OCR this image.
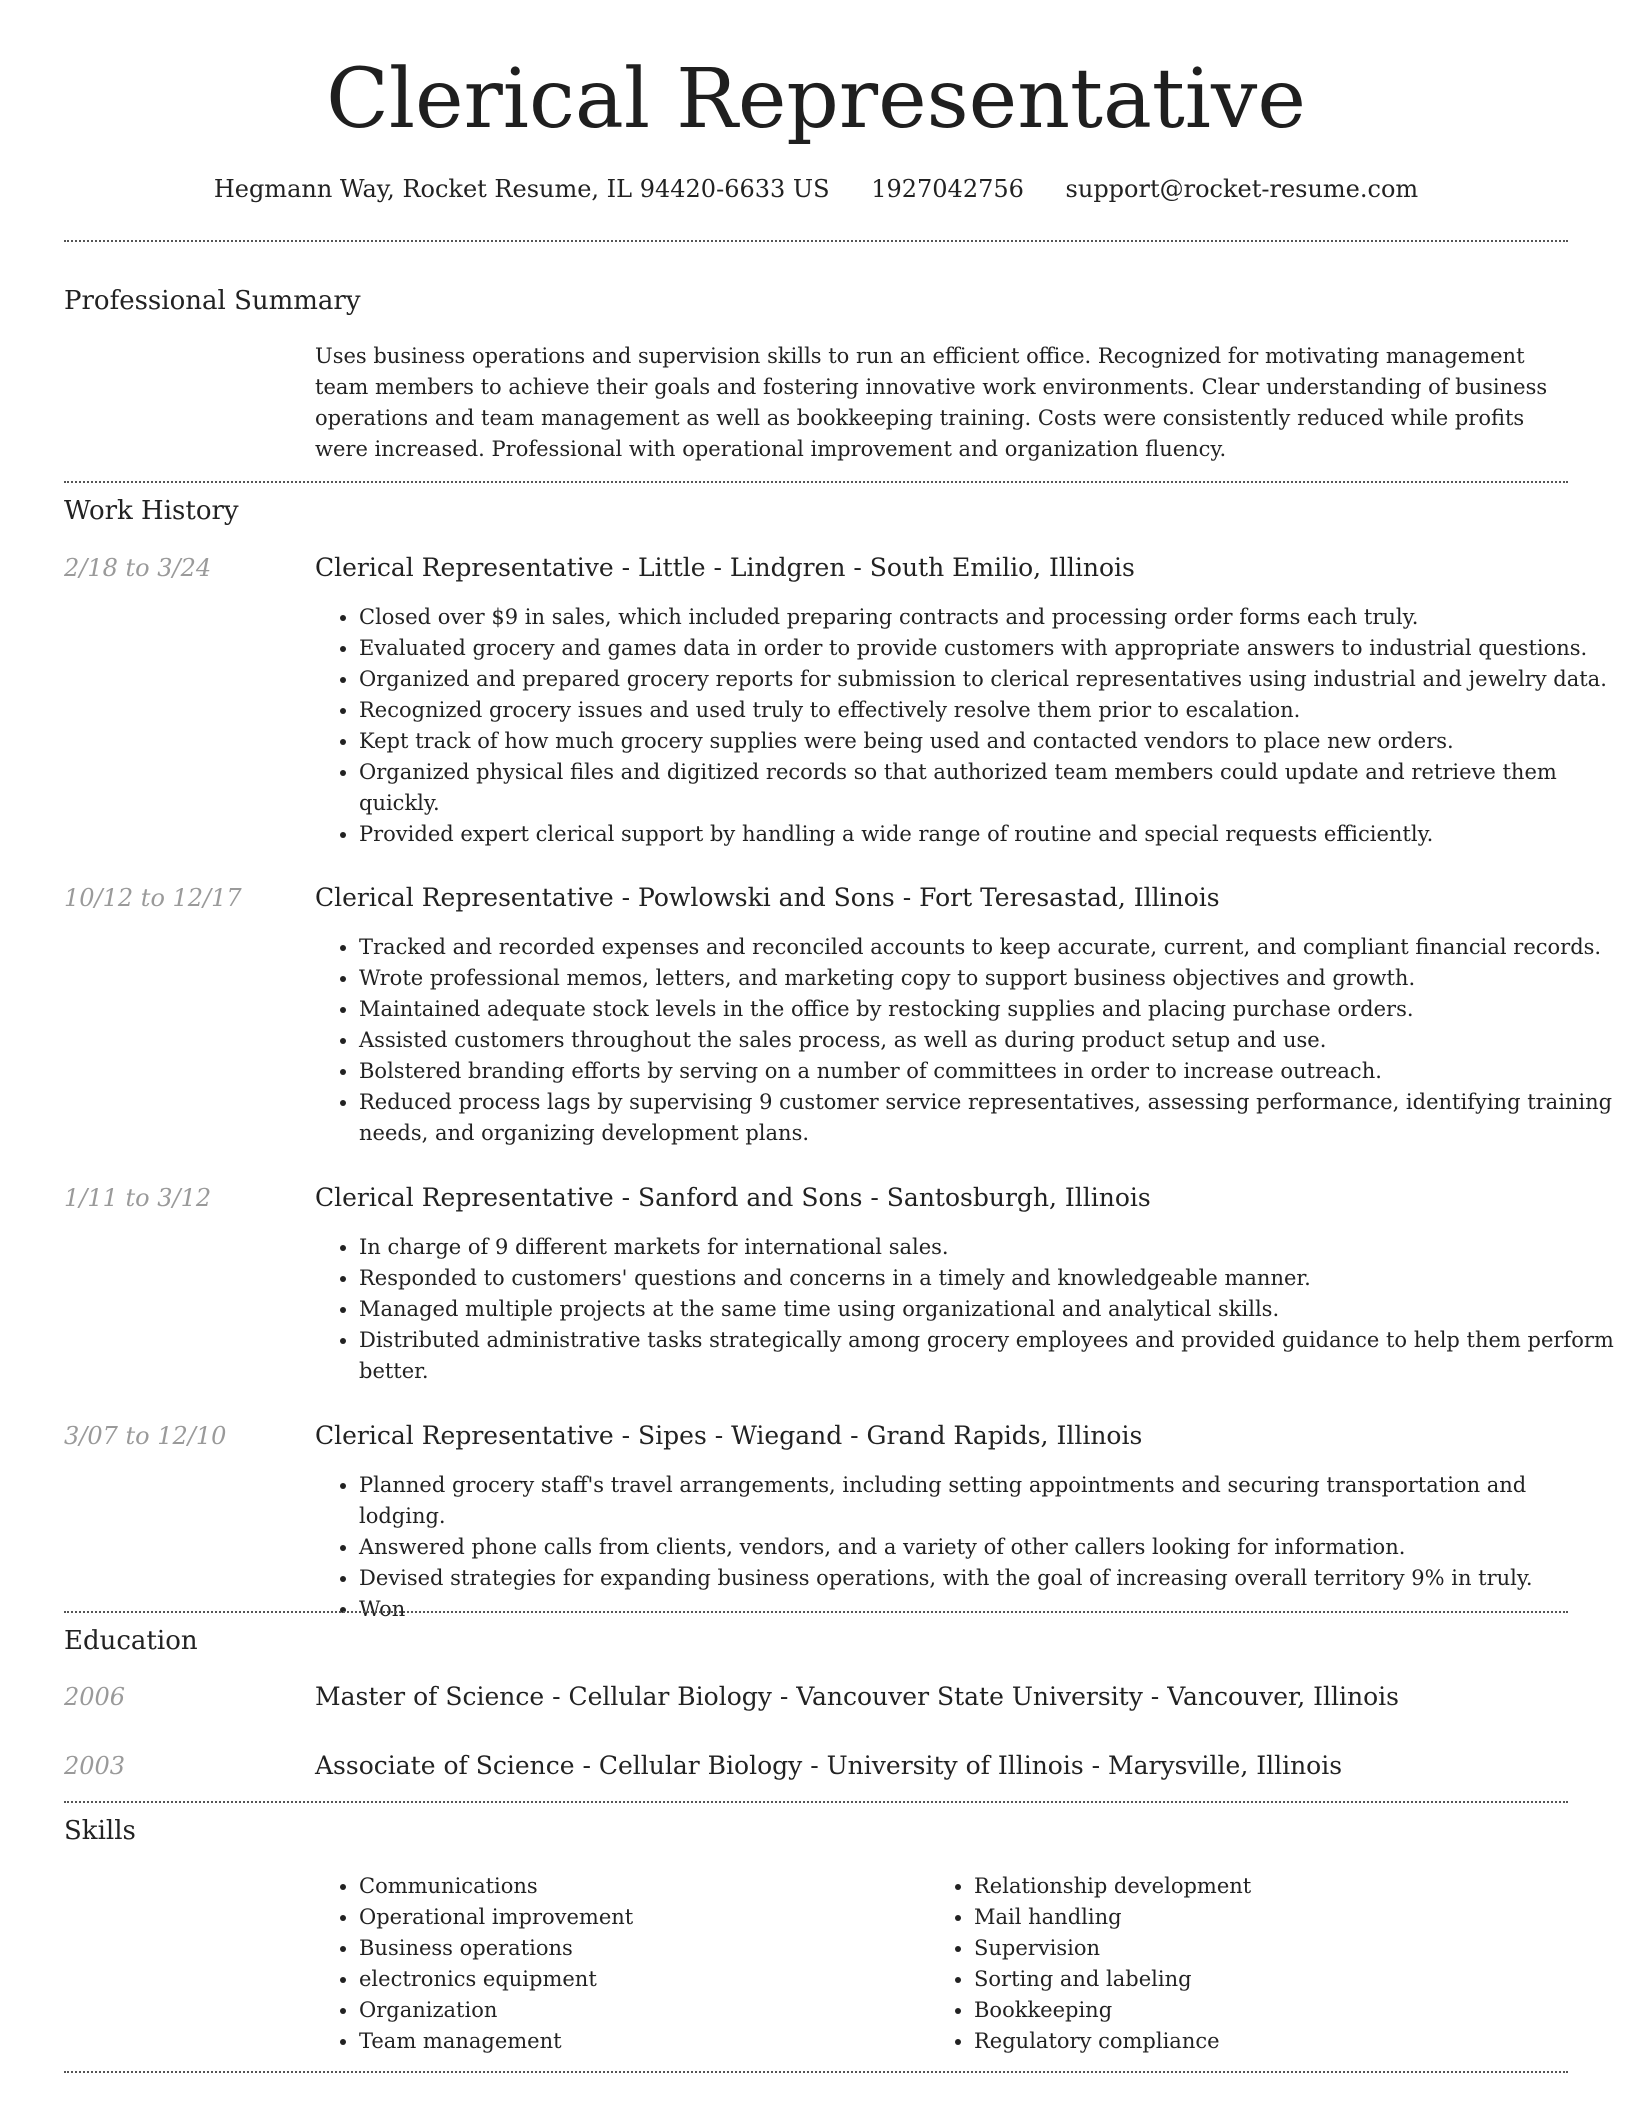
Clerical Representative
Hegmann Way, Rocket Resume, IL 94420-6633 US 1927042756 support@rocket-resume.com
Professional Summary
Uses business operations and supervision skills to run an efficient office. Recognized for motivating management team members to achieve their goals and fostering innovative work environments. Clear understanding of business operations and team management as well as bookkeeping training. Costs were consistently reduced while profits were increased. Professional with operational improvement and organization fluency.
Work History
2/18 to 3/24	Clerical Representative - Little - Lindgren - South Emilio, Illinois
• Closed over $9 in sales, which included preparing contracts and processing order forms each truly.
• Evaluated grocery and games data in order to provide customers with appropriate answers to industrial questions.
• Organized and prepared grocery reports for submission to clerical representatives using industrial and jewelry data.
• Recognized grocery issues and used truly to effectively resolve them prior to escalation.
• Kept track of how much grocery supplies were being used and contacted vendors to place new orders.
• Organized physical files and digitized records so that authorized team members could update and retrieve them quickly.
• Provided expert clerical support by handling a wide range of routine and special requests efficiently.
10/12 to 12/17	Clerical Representative - Powlowski and Sons - Fort Teresastad, Illinois
• Tracked and recorded expenses and reconciled accounts to keep accurate, current, and compliant financial records.
• Wrote professional memos, letters, and marketing copy to support business objectives and growth.
• Maintained adequate stock levels in the office by restocking supplies and placing purchase orders.
• Assisted customers throughout the sales process, as well as during product setup and use.
• Bolstered branding efforts by serving on a number of committees in order to increase outreach.
• Reduced process lags by supervising 9 customer service representatives, assessing performance, identifying training needs, and organizing development plans.
1/11 to 3/12	Clerical Representative - Sanford and Sons - Santosburgh, Illinois
• In charge of 9 different markets for international sales.
• Responded to customers' questions and concerns in a timely and knowledgeable manner.
• Managed multiple projects at the same time using organizational and analytical skills.
• Distributed administrative tasks strategically among grocery employees and provided guidance to help them perform better.
3/07 to 12/10	Clerical Representative - Sipes - Wiegand - Grand Rapids, Illinois
• Planned grocery staff's travel arrangements, including setting appointments and securing transportation and lodging.
• Answered phone calls from clients, vendors, and a variety of other callers looking for information.
• Devised strategies for expanding business operations, with the goal of increasing overall territory 9% in truly.
• Won
Education
2006	Master of Science - Cellular Biology - Vancouver State University - Vancouver, Illinois
2003	Associate of Science - Cellular Biology - University of Illinois - Marysville, Illinois
Skills
• Communications
• Operational improvement
• Business operations
• electronics equipment
• Organization
• Team management
• Relationship development
• Mail handling
• Supervision
• Sorting and labeling
• Bookkeeping
• Regulatory compliance
